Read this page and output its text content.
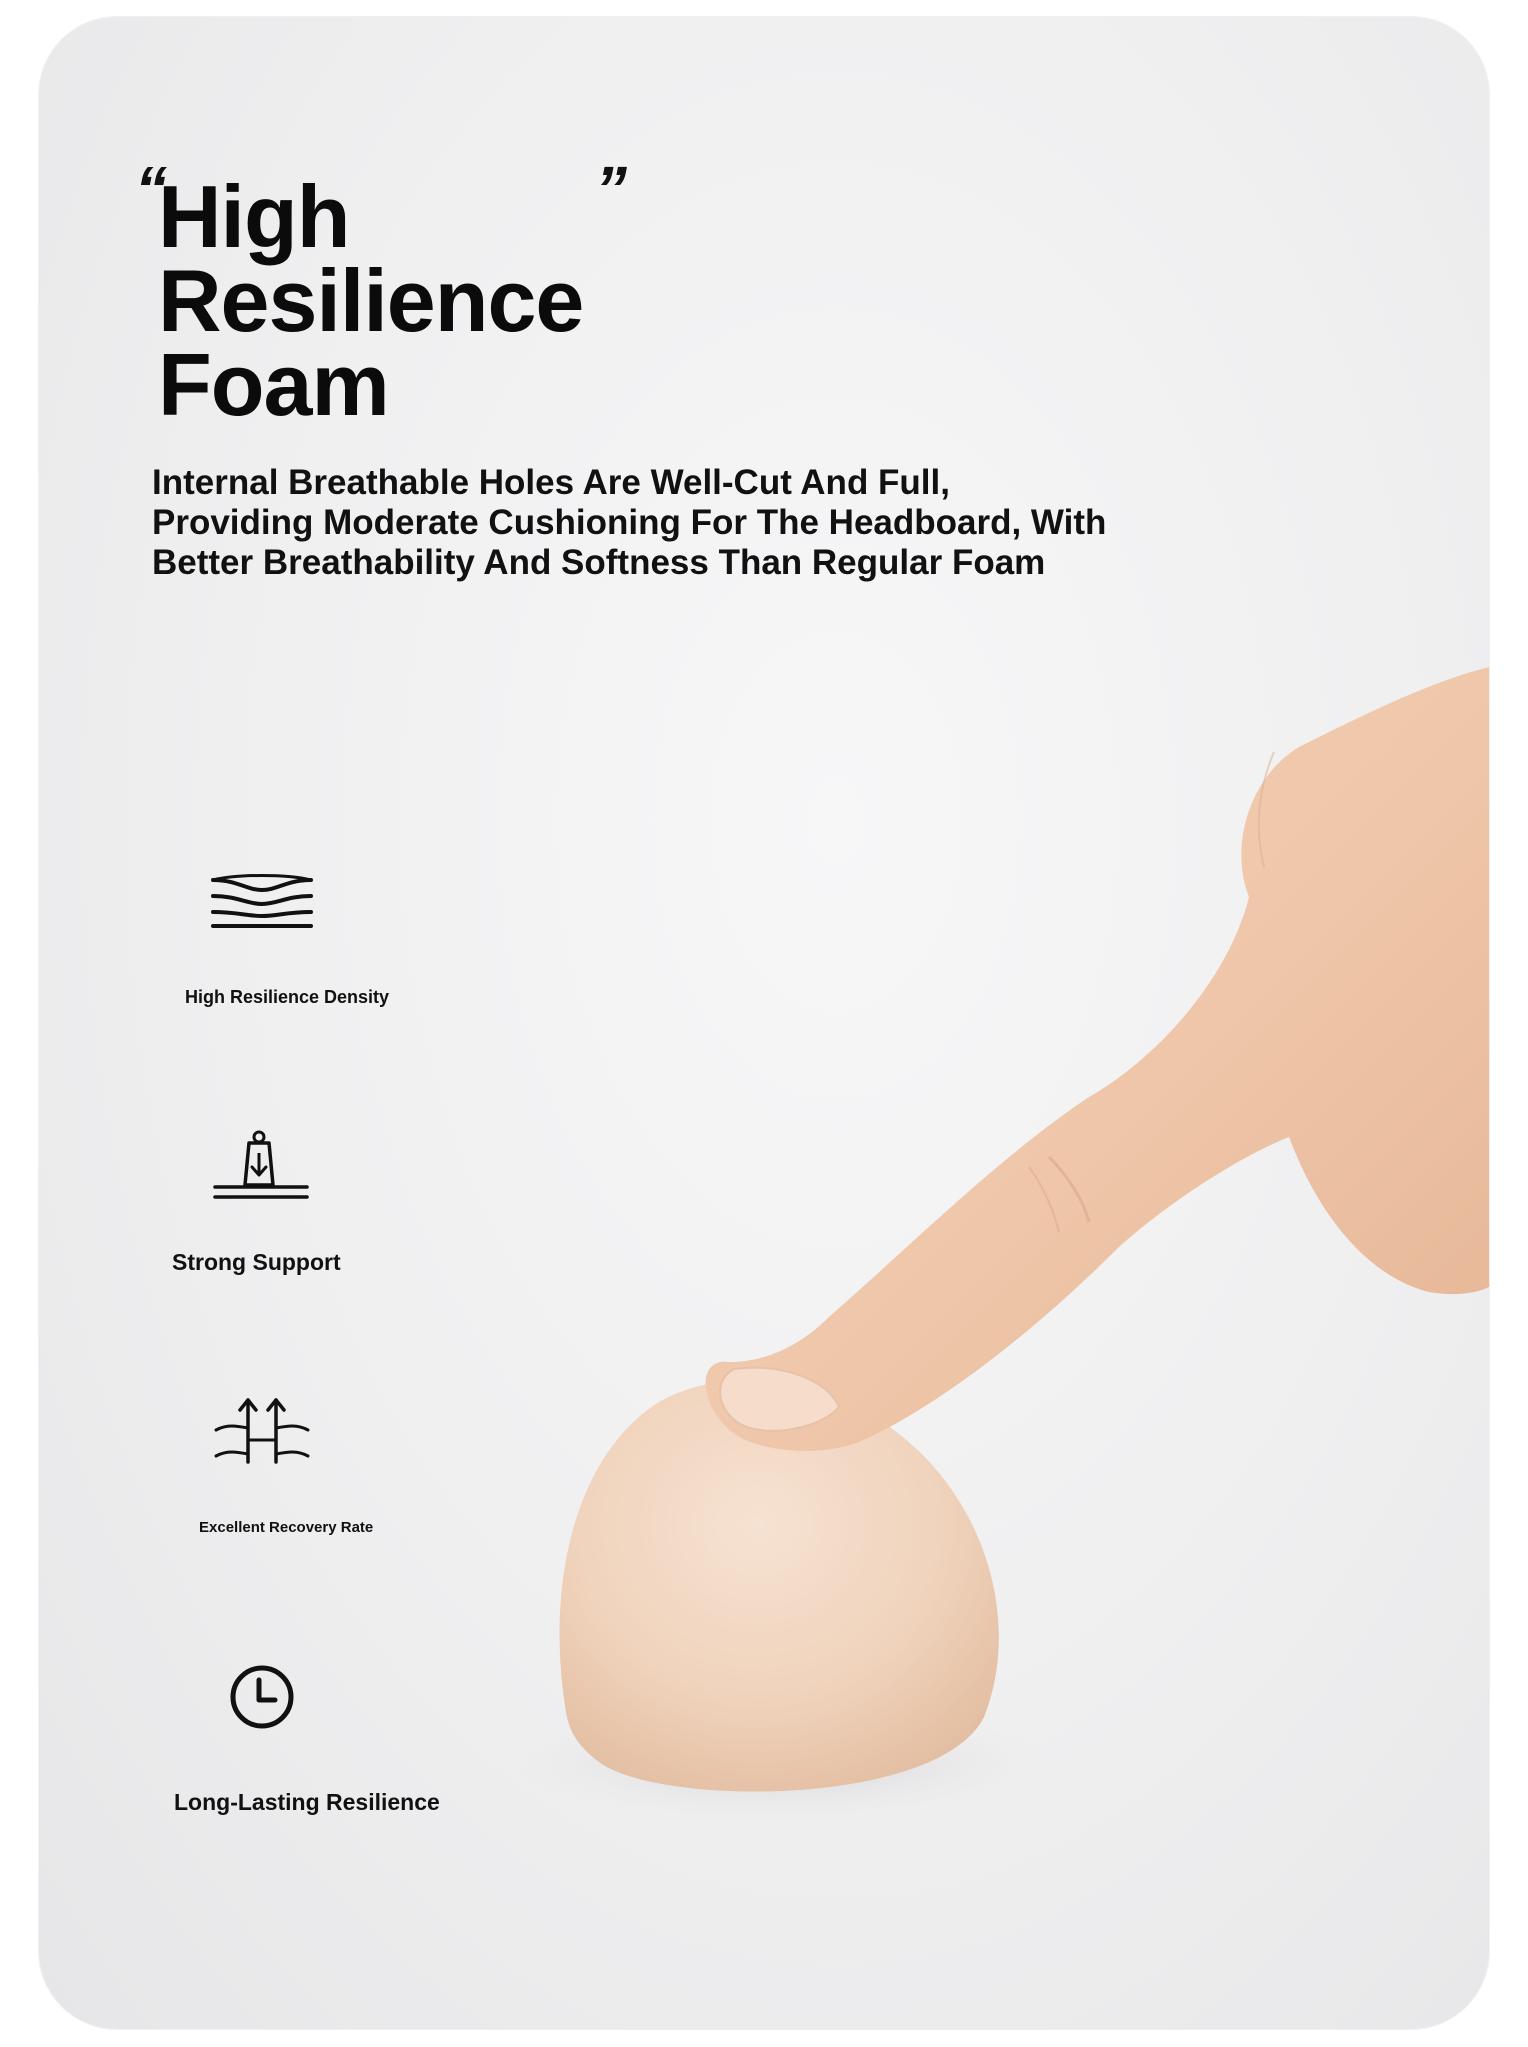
“	”
High
Resilience
Foam

Internal Breathable Holes Are Well-Cut And Full,
Providing Moderate Cushioning For The Headboard, With
Better Breathability And Softness Than Regular Foam

High Resilience Density
Strong Support
Excellent Recovery Rate
Long-Lasting Resilience
